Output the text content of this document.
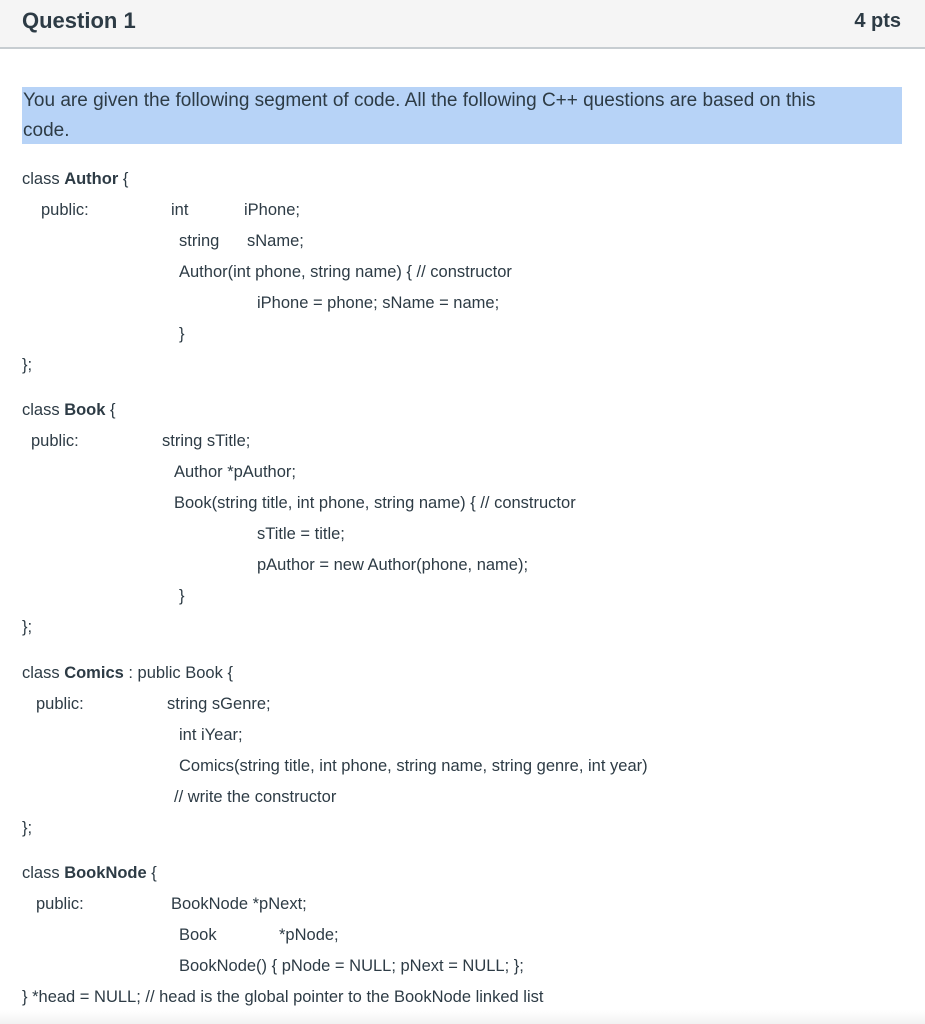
Question 1	4 pts
You are given the following segment of code. All the following C++ questions are based on this
code.
class Author {
public:	int	iPhone;
string sName;
Author(int phone, string name) { // constructor
iPhone = phone; sName = name;
}
};
class Book {
public:	string sTitle;
Author *pAuthor;
Book(string title, int phone, string name) { // constructor
sTitle = title;
pAuthor = new Author(phone, name);
}
};
class Comics : public Book {
public:	string sGenre;
int iYear;
Comics(string title, int phone, string name, string genre, int year)
// write the constructor
};
class BookNode {
public:	BookNode *pNext;
Book	*pNode;
BookNode() { pNode = NULL; pNext = NULL; };
} *head = NULL; // head is the global pointer to the BookNode linked list
